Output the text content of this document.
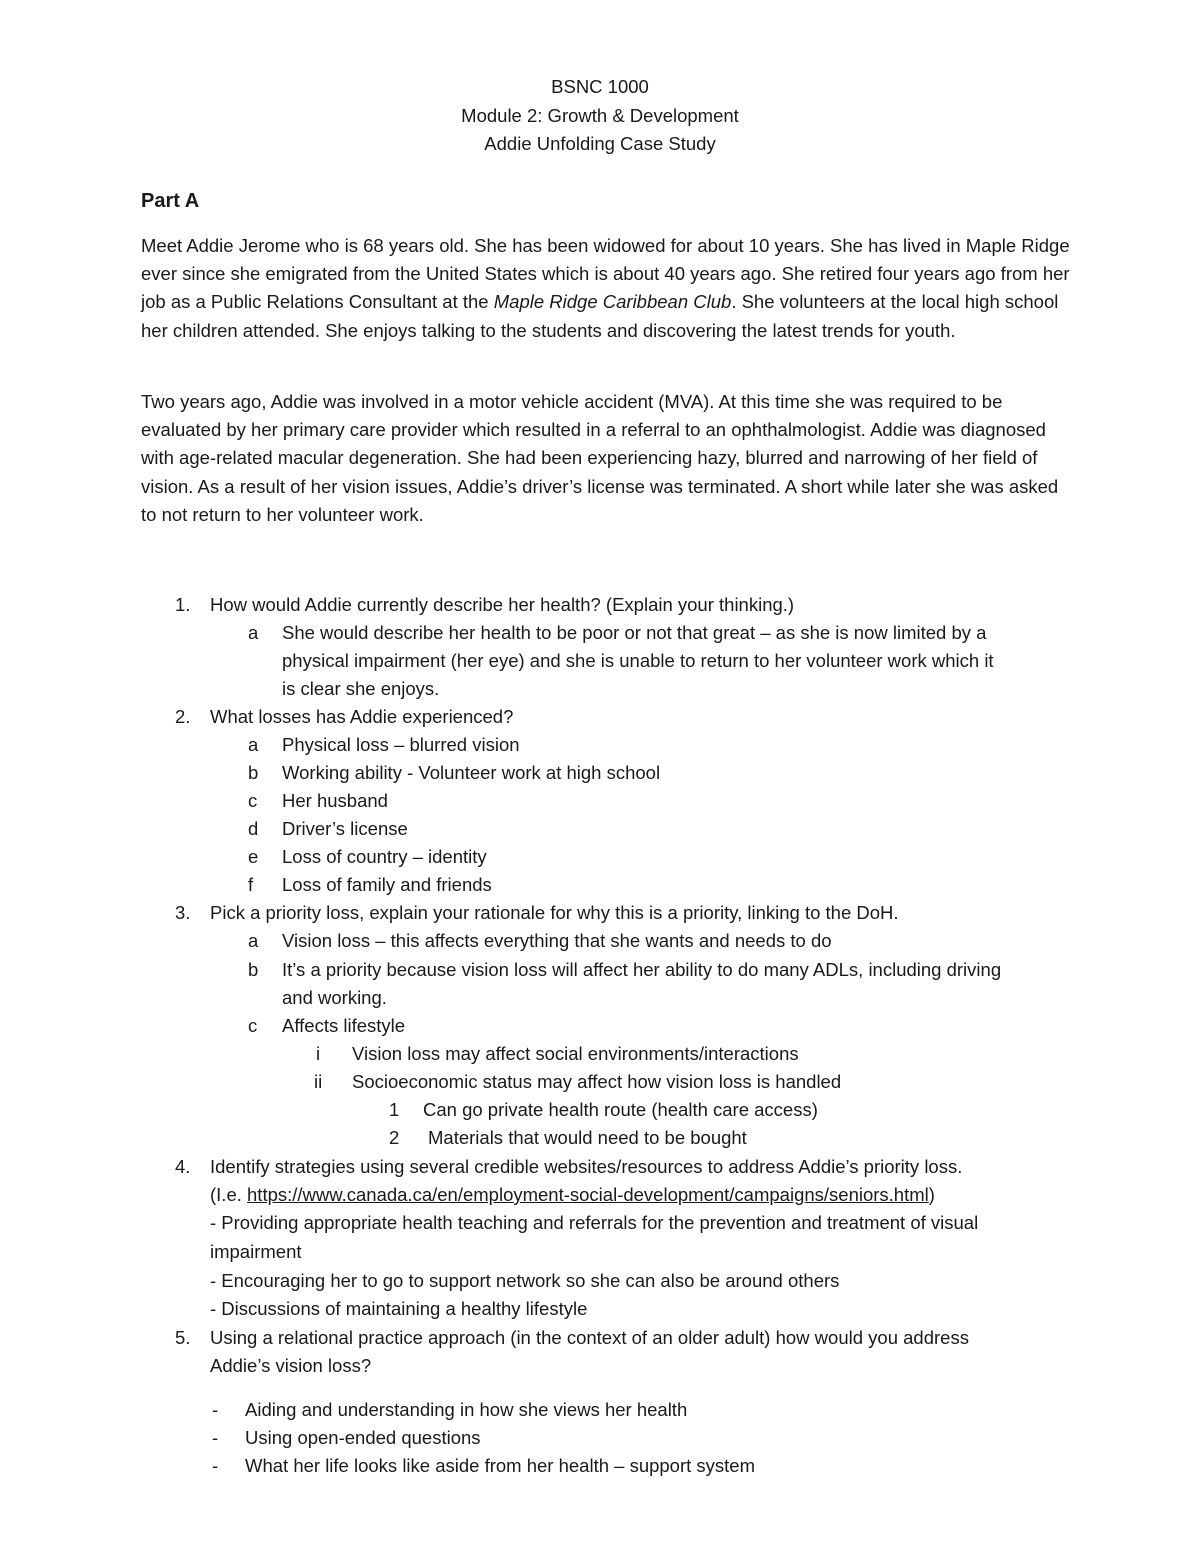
BSNC 1000
Module 2: Growth & Development
Addie Unfolding Case Study
Part A
Meet Addie Jerome who is 68 years old. She has been widowed for about 10 years. She has lived in Maple Ridge ever since she emigrated from the United States which is about 40 years ago. She retired four years ago from her job as a Public Relations Consultant at the Maple Ridge Caribbean Club. She volunteers at the local high school her children attended. She enjoys talking to the students and discovering the latest trends for youth.
Two years ago, Addie was involved in a motor vehicle accident (MVA). At this time she was required to be evaluated by her primary care provider which resulted in a referral to an ophthalmologist. Addie was diagnosed with age-related macular degeneration. She had been experiencing hazy, blurred and narrowing of her field of vision. As a result of her vision issues, Addie’s driver’s license was terminated. A short while later she was asked to not return to her volunteer work.
1. How would Addie currently describe her health? (Explain your thinking.)
a She would describe her health to be poor or not that great – as she is now limited by a
physical impairment (her eye) and she is unable to return to her volunteer work which it
is clear she enjoys.
2. What losses has Addie experienced?
a Physical loss – blurred vision
b Working ability - Volunteer work at high school
c Her husband
d Driver’s license
e Loss of country – identity
f Loss of family and friends
3. Pick a priority loss, explain your rationale for why this is a priority, linking to the DoH.
a Vision loss – this affects everything that she wants and needs to do
b It’s a priority because vision loss will affect her ability to do many ADLs, including driving
and working.
c Affects lifestyle
i Vision loss may affect social environments/interactions
ii Socioeconomic status may affect how vision loss is handled
1 Can go private health route (health care access)
2 Materials that would need to be bought
4. Identify strategies using several credible websites/resources to address Addie’s priority loss.
(I.e. https://www.canada.ca/en/employment-social-development/campaigns/seniors.html)
- Providing appropriate health teaching and referrals for the prevention and treatment of visual
impairment
- Encouraging her to go to support network so she can also be around others
- Discussions of maintaining a healthy lifestyle
5. Using a relational practice approach (in the context of an older adult) how would you address
Addie’s vision loss?
- Aiding and understanding in how she views her health
- Using open-ended questions
- What her life looks like aside from her health – support system
